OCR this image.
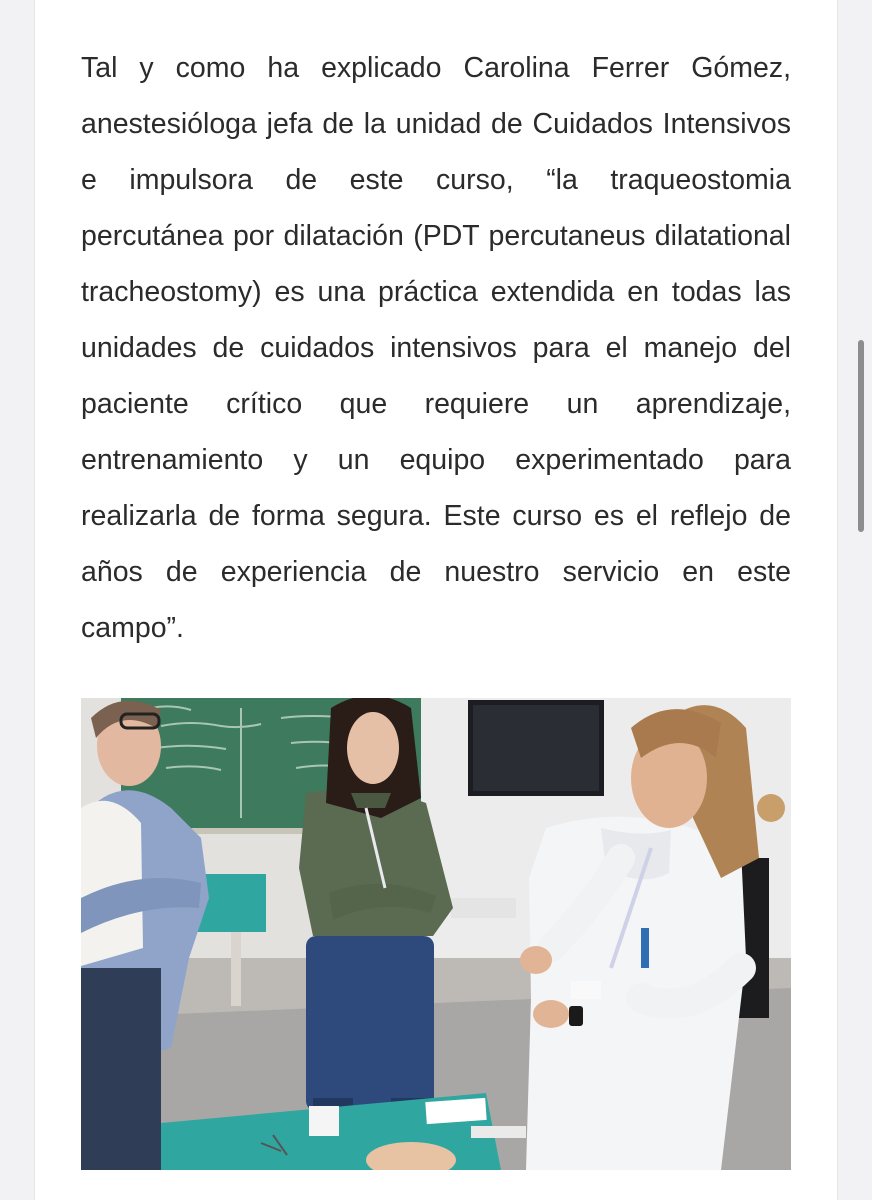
Tal y como ha explicado Carolina Ferrer Gómez, anestesióloga jefa de la unidad de Cuidados Intensivos e impulsora de este curso, “la traqueostomia percutánea por dilatación (PDT percutaneus dilatational tracheostomy) es una práctica extendida en todas las unidades de cuidados intensivos para el manejo del paciente crítico que requiere un aprendizaje, entrenamiento y un equipo experimentado para realizarla de forma segura. Este curso es el reflejo de años de experiencia de nuestro servicio en este campo”.
